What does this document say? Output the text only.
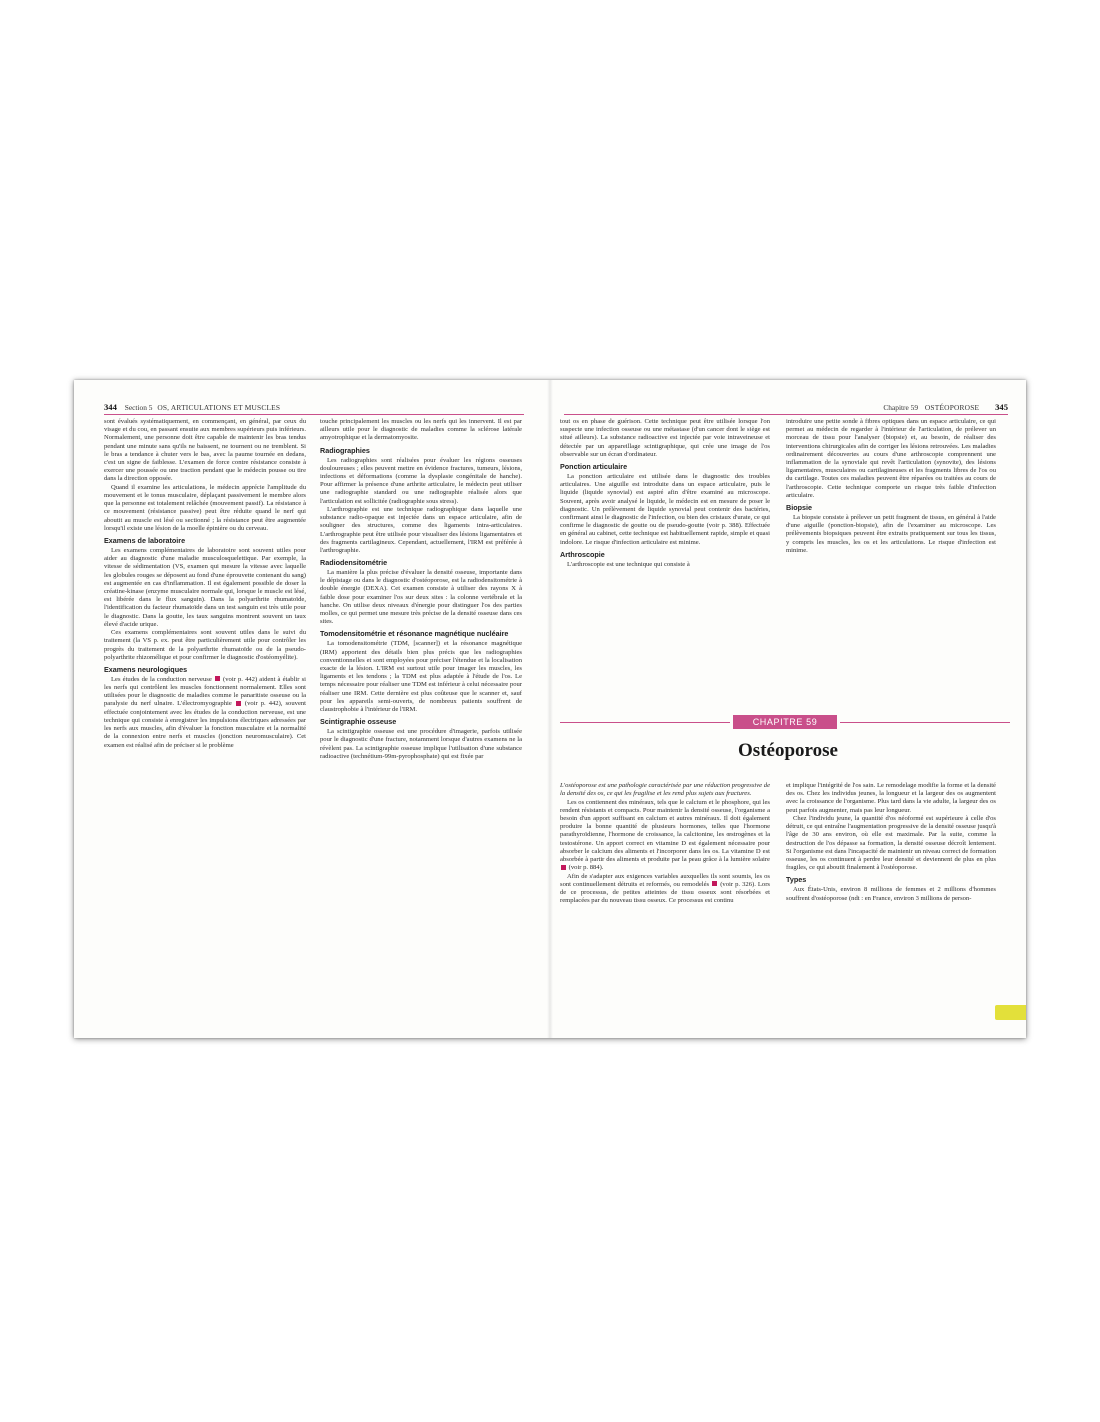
344 Section 5 OS, ARTICULATIONS ET MUSCLES

sont évalués systématiquement, en commençant, en général, par ceux du visage et du cou, en passant ensuite aux membres supérieurs puis inférieurs. Normalement, une personne doit être capable de maintenir les bras tendus pendant une minute sans qu'ils ne baissent, ne tournent ou ne tremblent. Si le bras a tendance à chuter vers le bas, avec la paume tournée en dedans, c'est un signe de faiblesse. L'examen de force contre résistance consiste à exercer une poussée ou une traction pendant que le médecin pousse ou tire dans la direction opposée.

Quand il examine les articulations, le médecin apprécie l'amplitude du mouvement et le tonus musculaire, déplaçant passivement le membre alors que la personne est totalement relâchée (mouvement passif). La résistance à ce mouvement (résistance passive) peut être réduite quand le nerf qui aboutit au muscle est lésé ou sectionné ; la résistance peut être augmentée lorsqu'il existe une lésion de la moelle épinière ou du cerveau.

Examens de laboratoire

Les examens complémentaires de laboratoire sont souvent utiles pour aider au diagnostic d'une maladie musculosquelettique. Par exemple, la vitesse de sédimentation (VS, examen qui mesure la vitesse avec laquelle les globules rouges se déposent au fond d'une éprouvette contenant du sang) est augmentée en cas d'inflammation. Il est également possible de doser la créatine-kinase (enzyme musculaire normale qui, lorsque le muscle est lésé, est libérée dans le flux sanguin). Dans la polyarthrite rhumatoïde, l'identification du facteur rhumatoïde dans un test sanguin est très utile pour le diagnostic. Dans la goutte, les taux sanguins montrent souvent un taux élevé d'acide urique.

Ces examens complémentaires sont souvent utiles dans le suivi du traitement (la VS p. ex. peut être particulièrement utile pour contrôler les progrès du traitement de la polyarthrite rhumatoïde ou de la pseudo-polyarthrite rhizomélique et pour confirmer le diagnostic d'ostéomyélite).

Examens neurologiques

Les études de la conduction nerveuse  (voir p. 442) aident à établir si les nerfs qui contrôlent les muscles fonctionnent normalement. Elles sont utilisées pour le diagnostic de maladies comme le panaritiste osseuse ou la paralysie du nerf ulnaire. L'électromyographie  (voir p. 442), souvent effectuée conjointement avec les études de la conduction nerveuse, est une technique qui consiste à enregistrer les impulsions électriques adressées par les nerfs aux muscles, afin d'évaluer la fonction musculaire et la normalité de la connexion entre nerfs et muscles (jonction neuromusculaire). Cet examen est réalisé afin de préciser si le problème

touche principalement les muscles ou les nerfs qui les innervent. Il est par ailleurs utile pour le diagnostic de maladies comme la sclérose latérale amyotrophique et la dermatomyosite.

Radiographies

Les radiographies sont réalisées pour évaluer les régions osseuses douloureuses ; elles peuvent mettre en évidence fractures, tumeurs, lésions, infections et déformations (comme la dysplasie congénitale de hanche). Pour affirmer la présence d'une arthrite articulaire, le médecin peut utiliser une radiographie standard ou une radiographie réalisée alors que l'articulation est sollicitée (radiographie sous stress).

L'arthrographie est une technique radiographique dans laquelle une substance radio-opaque est injectée dans un espace articulaire, afin de souligner des structures, comme des ligaments intra-articulaires. L'arthrographie peut être utilisée pour visualiser des lésions ligamentaires et des fragments cartilagineux. Cependant, actuellement, l'IRM est préférée à l'arthrographie.

Radiodensitométrie

La manière la plus précise d'évaluer la densité osseuse, importante dans le dépistage ou dans le diagnostic d'ostéoporose, est la radiodensitométrie à double énergie (DEXA). Cet examen consiste à utiliser des rayons X à faible dose pour examiner l'os sur deux sites : la colonne vertébrale et la hanche. On utilise deux niveaux d'énergie pour distinguer l'os des parties molles, ce qui permet une mesure très précise de la densité osseuse dans ces sites.

Tomodensitométrie et résonance magnétique nucléaire

La tomodensitométrie (TDM, [scanner]) et la résonance magnétique (IRM) apportent des détails bien plus précis que les radiographies conventionnelles et sont employées pour préciser l'étendue et la localisation exacte de la lésion. L'IRM est surtout utile pour imager les muscles, les ligaments et les tendons ; la TDM est plus adaptée à l'étude de l'os. Le temps nécessaire pour réaliser une TDM est inférieur à celui nécessaire pour réaliser une IRM. Cette dernière est plus coûteuse que le scanner et, sauf pour les appareils semi-ouverts, de nombreux patients souffrent de claustrophobie à l'intérieur de l'IRM.

Scintigraphie osseuse

La scintigraphie osseuse est une procédure d'imagerie, parfois utilisée pour le diagnostic d'une fracture, notamment lorsque d'autres examens ne la révèlent pas. La scintigraphie osseuse implique l'utilisation d'une substance radioactive (technétium-99m-pyrophosphate) qui est fixée par

Chapitre 59 OSTÉOPOROSE 345

tout os en phase de guérison. Cette technique peut être utilisée lorsque l'on suspecte une infection osseuse ou une métastase (d'un cancer dont le siège est situé ailleurs). La substance radioactive est injectée par voie intraveineuse et détectée par un appareillage scintigraphique, qui crée une image de l'os observable sur un écran d'ordinateur.

Ponction articulaire

La ponction articulaire est utilisée dans le diagnostic des troubles articulaires. Une aiguille est introduite dans un espace articulaire, puis le liquide (liquide synovial) est aspiré afin d'être examiné au microscope. Souvent, après avoir analysé le liquide, le médecin est en mesure de poser le diagnostic. Un prélèvement de liquide synovial peut contenir des bactéries, confirmant ainsi le diagnostic de l'infection, ou bien des cristaux d'urate, ce qui confirme le diagnostic de goutte ou de pseudo-goutte (voir p. 388). Effectuée en général au cabinet, cette technique est habituellement rapide, simple et quasi indolore. Le risque d'infection articulaire est minime.

Arthroscopie

L'arthroscopie est une technique qui consiste à

introduire une petite sonde à fibres optiques dans un espace articulaire, ce qui permet au médecin de regarder à l'intérieur de l'articulation, de prélever un morceau de tissu pour l'analyser (biopsie) et, au besoin, de réaliser des interventions chirurgicales afin de corriger les lésions retrouvées. Les maladies ordinairement découvertes au cours d'une arthroscopie comprennent une inflammation de la synoviale qui revêt l'articulation (synovite), des lésions ligamentaires, musculaires ou cartilagineuses et les fragments libres de l'os ou du cartilage. Toutes ces maladies peuvent être réparées ou traitées au cours de l'arthroscopie. Cette technique comporte un risque très faible d'infection articulaire.

Biopsie

La biopsie consiste à prélever un petit fragment de tissus, en général à l'aide d'une aiguille (ponction-biopsie), afin de l'examiner au microscope. Les prélèvements biopsiques peuvent être extraits pratiquement sur tous les tissus, y compris les muscles, les os et les articulations. Le risque d'infection est minime.

CHAPITRE 59
Ostéoporose

L'ostéoporose est une pathologie caractérisée par une réduction progressive de la densité des os, ce qui les fragilise et les rend plus sujets aux fractures.

Les os contiennent des minéraux, tels que le calcium et le phosphore, qui les rendent résistants et compacts. Pour maintenir la densité osseuse, l'organisme a besoin d'un apport suffisant en calcium et autres minéraux. Il doit également produire la bonne quantité de plusieurs hormones, telles que l'hormone parathyroïdienne, l'hormone de croissance, la calcitonine, les œstrogènes et la testostérone. Un apport correct en vitamine D est également nécessaire pour absorber le calcium des aliments et l'incorporer dans les os. La vitamine D est absorbée à partir des aliments et produite par la peau grâce à la lumière solaire  (voir p. 884).

Afin de s'adapter aux exigences variables auxquelles ils sont soumis, les os sont continuellement détruits et reformés, ou remodelés  (voir p. 326). Lors de ce processus, de petites atteintes de tissu osseux sont résorbées et remplacées par du nouveau tissu osseux. Ce processus est continu

et implique l'intégrité de l'os sain. Le remodelage modifie la forme et la densité des os. Chez les individus jeunes, la longueur et la largeur des os augmentent avec la croissance de l'organisme. Plus tard dans la vie adulte, la largeur des os peut parfois augmenter, mais pas leur longueur.

Chez l'individu jeune, la quantité d'os néoformé est supérieure à celle d'os détruit, ce qui entraîne l'augmentation progressive de la densité osseuse jusqu'à l'âge de 30 ans environ, où elle est maximale. Par la suite, comme la destruction de l'os dépasse sa formation, la densité osseuse décroît lentement. Si l'organisme est dans l'incapacité de maintenir un niveau correct de formation osseuse, les os continuent à perdre leur densité et deviennent de plus en plus fragiles, ce qui aboutit finalement à l'ostéoporose.

Types

Aux États-Unis, environ 8 millions de femmes et 2 millions d'hommes souffrent d'ostéoporose (ndt : en France, environ 3 millions de person-
